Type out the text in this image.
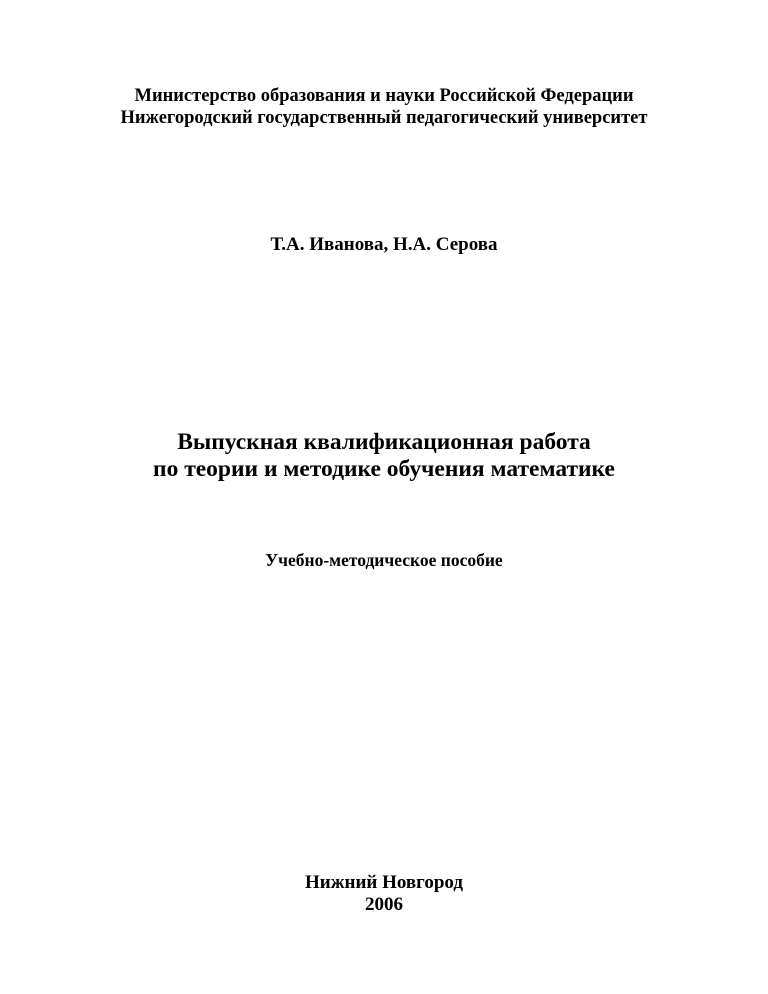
Министерство образования и науки Российской Федерации
Нижегородский государственный педагогический университет
Т.А. Иванова, Н.А. Серова
Выпускная квалификационная работа
по теории и методике обучения математике
Учебно-методическое пособие
Нижний Новгород
2006
